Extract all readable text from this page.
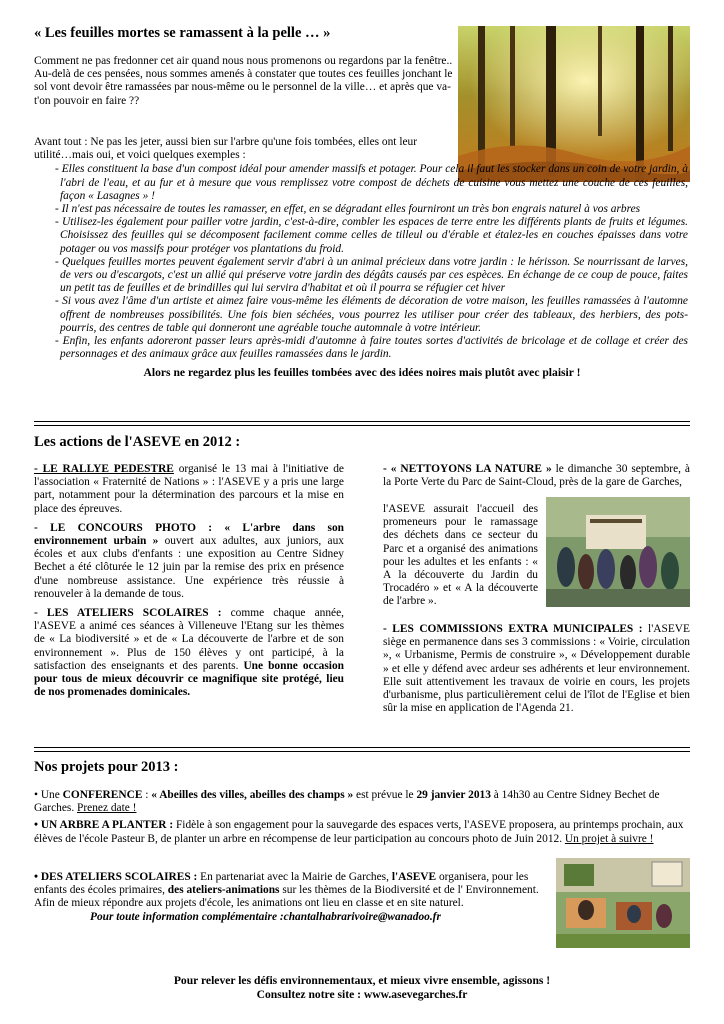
« Les feuilles mortes se ramassent à la pelle … »

Comment ne pas fredonner cet air quand nous nous promenons ou regardons par la fenêtre..

Au-delà de ces pensées, nous sommes amenés à constater que toutes ces feuilles jonchant le sol vont devoir être ramassées par nous-même ou le personnel de la ville… et après que va-t'on pouvoir en faire ??

Avant tout : Ne pas les jeter, aussi bien sur l'arbre qu'une fois tombées, elles ont leur utilité…mais oui, et voici quelques exemples :

- Elles constituent la base d'un compost idéal pour amender massifs et potager. Pour cela il faut les stocker dans un coin de votre jardin, à l'abri de l'eau, et au fur et à mesure que vous remplissez votre compost de déchets de cuisine vous mettez une couche de ces feuilles, façon « Lasagnes » !

- Il n'est pas nécessaire de toutes les ramasser, en effet, en se dégradant elles fourniront un très bon engrais naturel à vos arbres

- Utilisez-les également pour pailler votre jardin, c'est-à-dire, combler les espaces de terre entre les différents plants de fruits et légumes. Choisissez des feuilles qui se décomposent facilement comme celles de tilleul ou d'érable et étalez-les en couches épaisses dans votre potager ou vos massifs pour protéger vos plantations du froid.

- Quelques feuilles mortes peuvent également servir d'abri à un animal précieux dans votre jardin : le hérisson. Se nourrissant de larves, de vers ou d'escargots, c'est un allié qui préserve votre jardin des dégâts causés par ces espèces. En échange de ce coup de pouce, faites un petit tas de feuilles et de brindilles qui lui servira d'habitat et où il pourra se réfugier cet hiver

- Si vous avez l'âme d'un artiste et aimez faire vous-même les éléments de décoration de votre maison, les feuilles ramassées à l'automne offrent de nombreuses possibilités. Une fois bien séchées, vous pourrez les utiliser pour créer des tableaux, des herbiers, des pots-pourris, des centres de table qui donneront une agréable touche automnale à votre intérieur.

- Enfin, les enfants adoreront passer leurs après-midi d'automne à faire toutes sortes d'activités de bricolage et de collage et créer des personnages et des animaux grâce aux feuilles ramassées dans le jardin.

Alors ne regardez plus les feuilles tombées avec des idées noires mais plutôt avec plaisir !

Les actions de l'ASEVE en 2012 :

- LE RALLYE PEDESTRE organisé le 13 mai à l'initiative de l'association « Fraternité de Nations » : l'ASEVE y a pris une large part, notamment pour la détermination des parcours et la mise en place des épreuves.

- LE CONCOURS PHOTO : « L'arbre dans son environnement urbain » ouvert aux adultes, aux juniors, aux écoles et aux clubs d'enfants : une exposition au Centre Sidney Bechet a été clôturée le 12 juin par la remise des prix en présence d'une nombreuse assistance. Une expérience très réussie à renouveler à la demande de tous.

- LES ATELIERS SCOLAIRES : comme chaque année, l'ASEVE a animé ces séances à Villeneuve l'Etang sur les thèmes de « La biodiversité » et de « La découverte de l'arbre et de son environnement ». Plus de 150 élèves y ont participé, à la satisfaction des enseignants et des parents. Une bonne occasion pour tous de mieux découvrir ce magnifique site protégé, lieu de nos promenades dominicales.

- « NETTOYONS LA NATURE » le dimanche 30 septembre, à la Porte Verte du Parc de Saint-Cloud, près de la gare de Garches,

l'ASEVE assurait l'accueil des promeneurs pour le ramassage des déchets dans ce secteur du Parc et a organisé des animations pour les adultes et les enfants : « A la découverte du Jardin du Trocadéro » et « A la découverte de l'arbre ».

- LES COMMISSIONS EXTRA MUNICIPALES : l'ASEVE siège en permanence dans ses 3 commissions : « Voirie, circulation », « Urbanisme, Permis de construire », « Développement durable » et elle y défend avec ardeur ses adhérents et leur environnement. Elle suit attentivement les travaux de voirie en cours, les projets d'urbanisme, plus particulièrement celui de l'îlot de l'Eglise et bien sûr la mise en application de l'Agenda 21.

Nos projets pour 2013 :

• Une CONFERENCE : « Abeilles des villes, abeilles des champs » est prévue le 29 janvier 2013 à 14h30 au Centre Sidney Bechet de Garches. Prenez date !

• UN ARBRE A PLANTER : Fidèle à son engagement pour la sauvegarde des espaces verts, l'ASEVE proposera, au printemps prochain, aux élèves de l'école Pasteur B, de planter un arbre en récompense de leur participation au concours photo de Juin 2012. Un projet à suivre !

• DES ATELIERS SCOLAIRES : En partenariat avec la Mairie de Garches, l'ASEVE organisera, pour les enfants des écoles primaires, des ateliers-animations sur les thèmes de la Biodiversité et de l' Environnement.

Afin de mieux répondre aux projets d'école, les animations ont lieu en classe et en site naturel.

Pour toute information complémentaire :chantalhabrarivoire@wanadoo.fr

Pour relever les défis environnementaux, et mieux vivre ensemble, agissons !

Consultez notre site : www.asevegarches.fr
